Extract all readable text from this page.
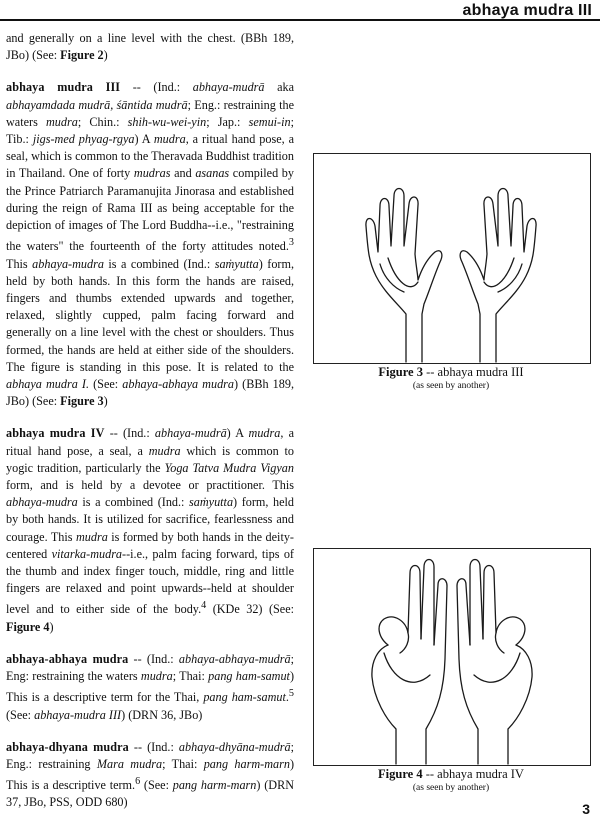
abhaya mudra III

and generally on a line level with the chest. (BBh 189, JBo) (See: Figure 2)

abhaya mudra III -- (Ind.: abhaya-mudrā aka abhayamdada mudrā, śāntida mudrā; Eng.: restraining the waters mudra; Chin.: shih-wu-wei-yin; Jap.: semui-in; Tib.: jigs-med phyag-rgya) A mudra, a ritual hand pose, a seal, which is common to the Theravada Buddhist tradition in Thailand. One of forty mudras and asanas compiled by the Prince Patriarch Paramanujita Jinorasa and established during the reign of Rama III as being acceptable for the depiction of images of The Lord Buddha--i.e., "restraining the waters" the fourteenth of the forty attitudes noted.$^3$ This abhaya-mudra is a combined (Ind.: saṁyutta) form, held by both hands. In this form the hands are raised, fingers and thumbs extended upwards and together, relaxed, slightly cupped, palm facing forward and generally on a line level with the chest or shoulders. Thus formed, the hands are held at either side of the shoulders. The figure is standing in this pose. It is related to the abhaya mudra I. (See: abhaya-abhaya mudra) (BBh 189, JBo) (See: Figure 3)

abhaya mudra IV -- (Ind.: abhaya-mudrā) A mudra, a ritual hand pose, a seal, a mudra which is common to yogic tradition, particularly the Yoga Tatva Mudra Vigyan form, and is held by a devotee or practitioner. This abhaya-mudra is a combined (Ind.: saṁyutta) form, held by both hands. It is utilized for sacrifice, fearlessness and courage. This mudra is formed by both hands in the deity-centered vitarka-mudra--i.e., palm facing forward, tips of the thumb and index finger touch, middle, ring and little fingers are relaxed and point upwards--held at shoulder level and to either side of the body.$^4$ (KDe 32) (See: Figure 4)

abhaya-abhaya mudra -- (Ind.: abhaya-abhaya-mudrā; Eng: restraining the waters mudra; Thai: pang ham-samut) This is a descriptive term for the Thai, pang ham-samut.$^5$ (See: abhaya-mudra III) (DRN 36, JBo)

abhaya-dhyana mudra -- (Ind.: abhaya-dhyāna-mudrā; Eng.: restraining Mara mudra; Thai: pang harm-marn) This is a descriptive term.$^6$ (See: pang harm-marn) (DRN 37, JBo, PSS, ODD 680)

Figure 3 -- abhaya mudra III
(as seen by another)
Figure 4 -- abhaya mudra IV
(as seen by another)
3
